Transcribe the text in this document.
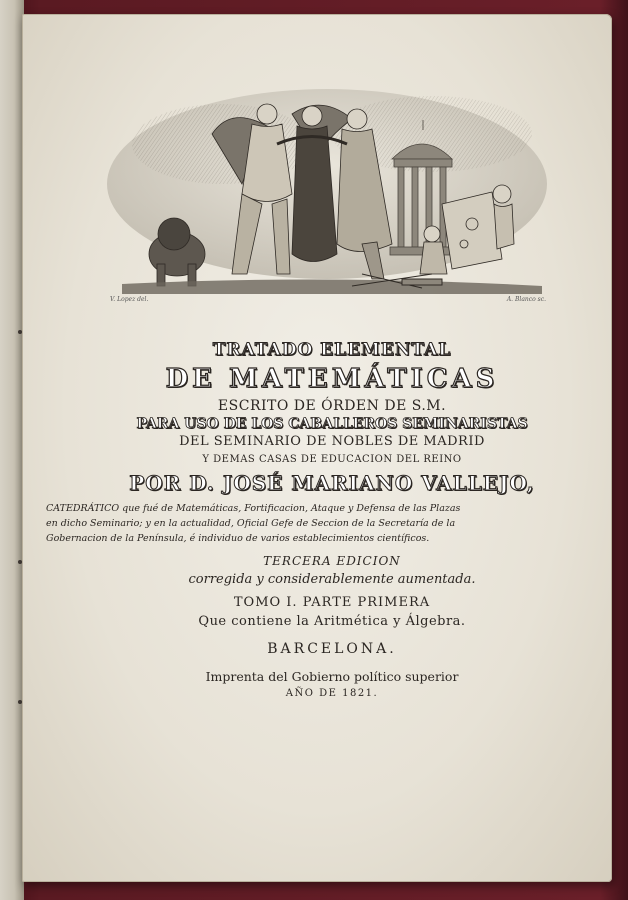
V. Lopez del.	A. Blanco sc.
TRATADO ELEMENTAL
DE MATEMÁTICAS
ESCRITO DE ÓRDEN DE S.M.
PARA USO DE LOS CABALLEROS SEMINARISTAS
DEL SEMINARIO DE NOBLES DE MADRID
Y DEMAS CASAS DE EDUCACION DEL REINO
POR D. JOSÉ MARIANO VALLEJO,
CATEDRÁTICO que fué de Matemáticas, Fortificacion, Ataque y Defensa de las Plazas
en dicho Seminario; y en la actualidad, Oficial Gefe de Seccion de la Secretaría de la
Gobernacion de la Península, é individuo de varios establecimientos científicos.
TERCERA EDICION
corregida y considerablemente aumentada.
TOMO I. PARTE PRIMERA
Que contiene la Aritmética y Álgebra.
BARCELONA.
Imprenta del Gobierno político superior
AÑO DE 1821.
